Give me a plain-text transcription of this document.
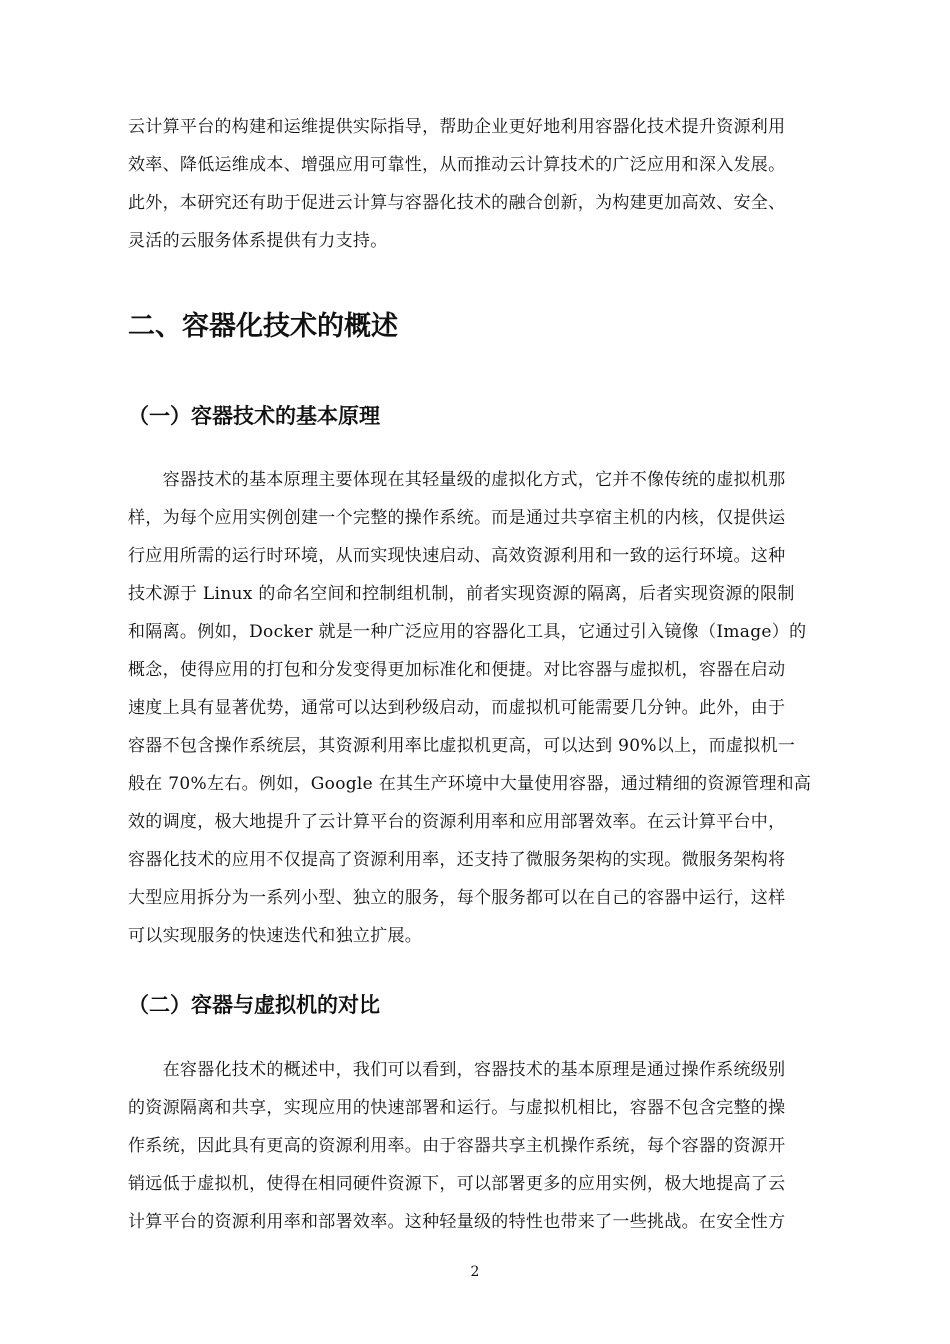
云计算平台的构建和运维提供实际指导，帮助企业更好地利用容器化技术提升资源利用
效率、降低运维成本、增强应用可靠性，从而推动云计算技术的广泛应用和深入发展。
此外，本研究还有助于促进云计算与容器化技术的融合创新，为构建更加高效、安全、
灵活的云服务体系提供有力支持。
二、容器化技术的概述
（一）容器技术的基本原理
　　容器技术的基本原理主要体现在其轻量级的虚拟化方式，它并不像传统的虚拟机那
样，为每个应用实例创建一个完整的操作系统。而是通过共享宿主机的内核，仅提供运
行应用所需的运行时环境，从而实现快速启动、高效资源利用和一致的运行环境。这种
技术源于 Linux 的命名空间和控制组机制，前者实现资源的隔离，后者实现资源的限制
和隔离。例如，Docker 就是一种广泛应用的容器化工具，它通过引入镜像（Image）的
概念，使得应用的打包和分发变得更加标准化和便捷。对比容器与虚拟机，容器在启动
速度上具有显著优势，通常可以达到秒级启动，而虚拟机可能需要几分钟。此外，由于
容器不包含操作系统层，其资源利用率比虚拟机更高，可以达到 90%以上，而虚拟机一
般在 70%左右。例如，Google 在其生产环境中大量使用容器，通过精细的资源管理和高
效的调度，极大地提升了云计算平台的资源利用率和应用部署效率。在云计算平台中，
容器化技术的应用不仅提高了资源利用率，还支持了微服务架构的实现。微服务架构将
大型应用拆分为一系列小型、独立的服务，每个服务都可以在自己的容器中运行，这样
可以实现服务的快速迭代和独立扩展。
（二）容器与虚拟机的对比
　　在容器化技术的概述中，我们可以看到，容器技术的基本原理是通过操作系统级别
的资源隔离和共享，实现应用的快速部署和运行。与虚拟机相比，容器不包含完整的操
作系统，因此具有更高的资源利用率。由于容器共享主机操作系统，每个容器的资源开
销远低于虚拟机，使得在相同硬件资源下，可以部署更多的应用实例，极大地提高了云
计算平台的资源利用率和部署效率。这种轻量级的特性也带来了一些挑战。在安全性方
2
